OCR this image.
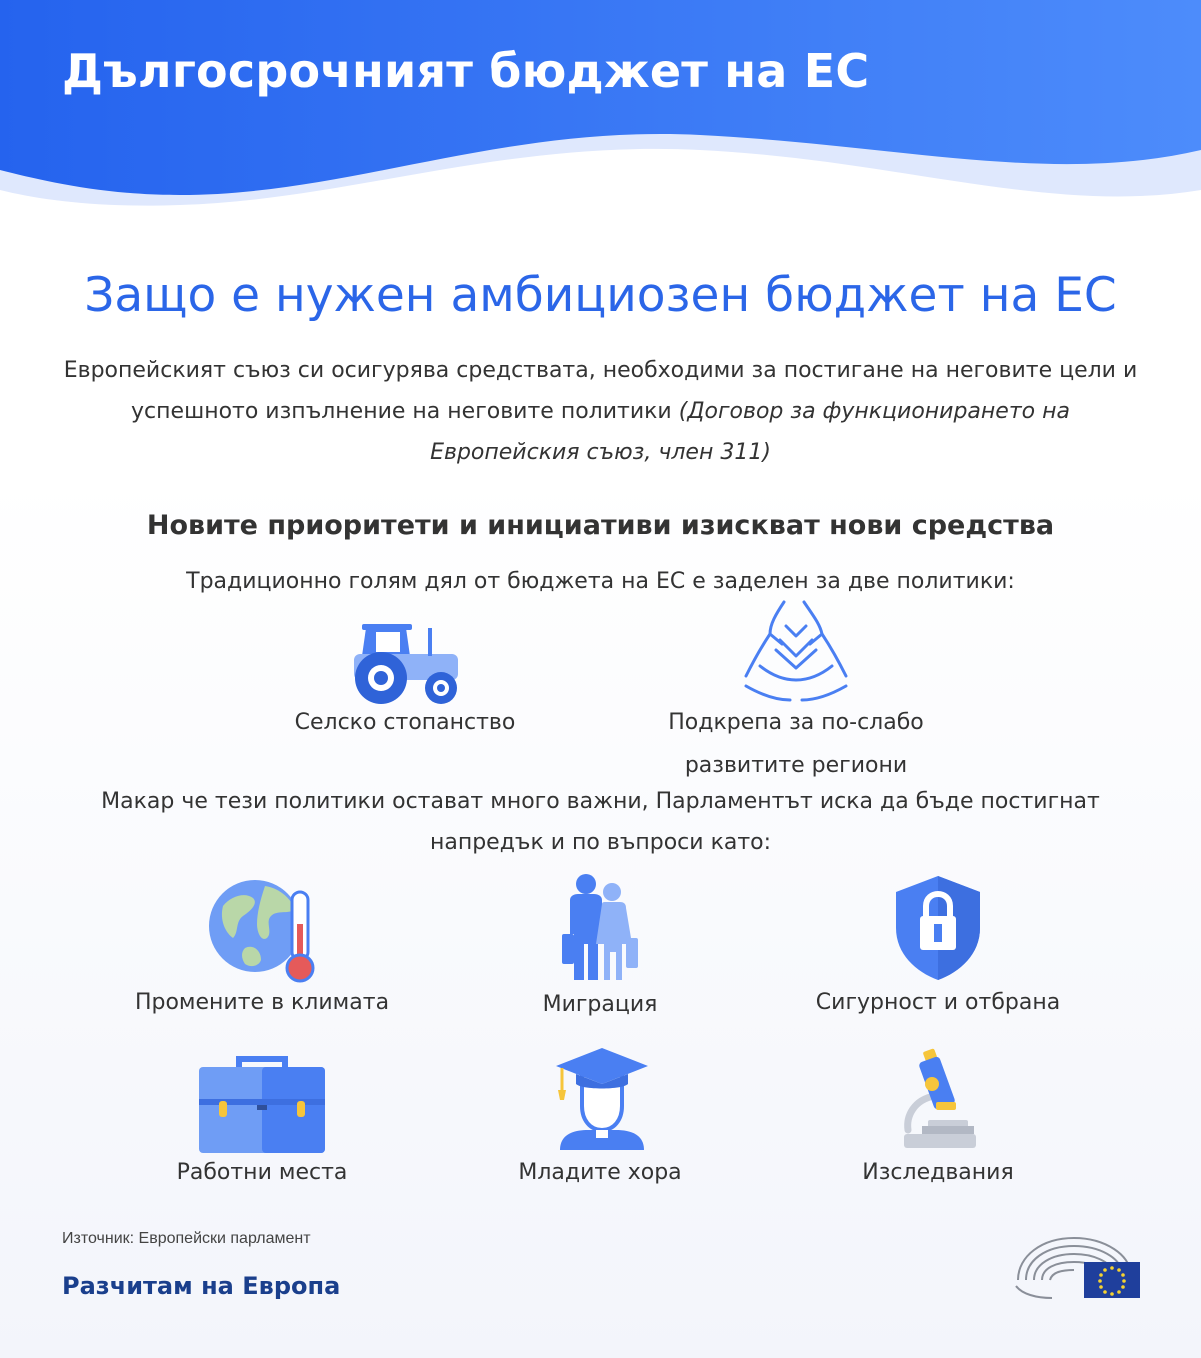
Дългосрочният бюджет на ЕС
Защо е нужен амбициозен бюджет на ЕС
Европейският съюз си осигурява средствата, необходими за постигане на неговите цели и успешното изпълнение на неговите политики (Договор за функционирането на Европейския съюз, член 311)
Новите приоритети и инициативи изискват нови средства
Традиционно голям дял от бюджета на ЕС е заделен за две политики:
Селско стопанство	Подкрепа за по-слабо
развитите региони
Макар че тези политики остават много важни, Парламентът иска да бъде постигнат
напредък и по въпроси като:
Промените в климата	Миграция	Сигурност и отбрана
Работни места	Младите хора	Изследвания
Източник: Европейски парламент
Разчитам на Европа
